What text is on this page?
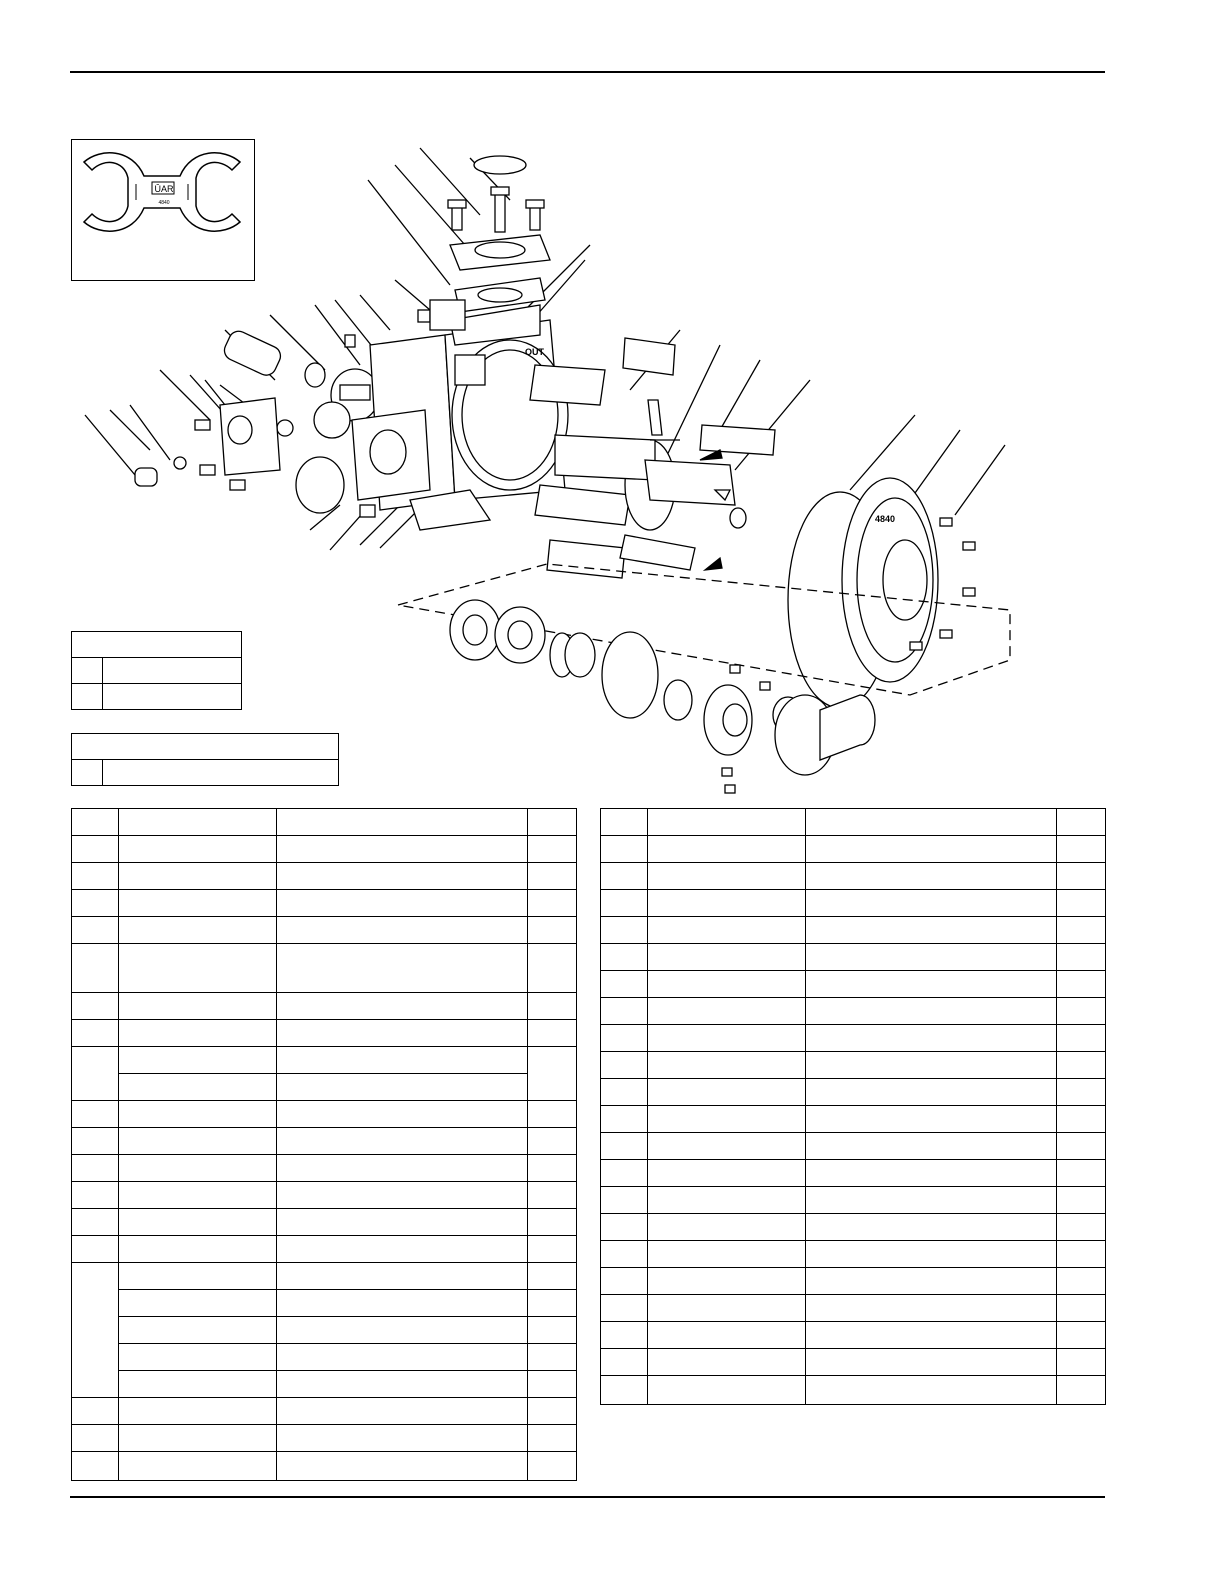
ŪΑR
4840
OUT
4840
